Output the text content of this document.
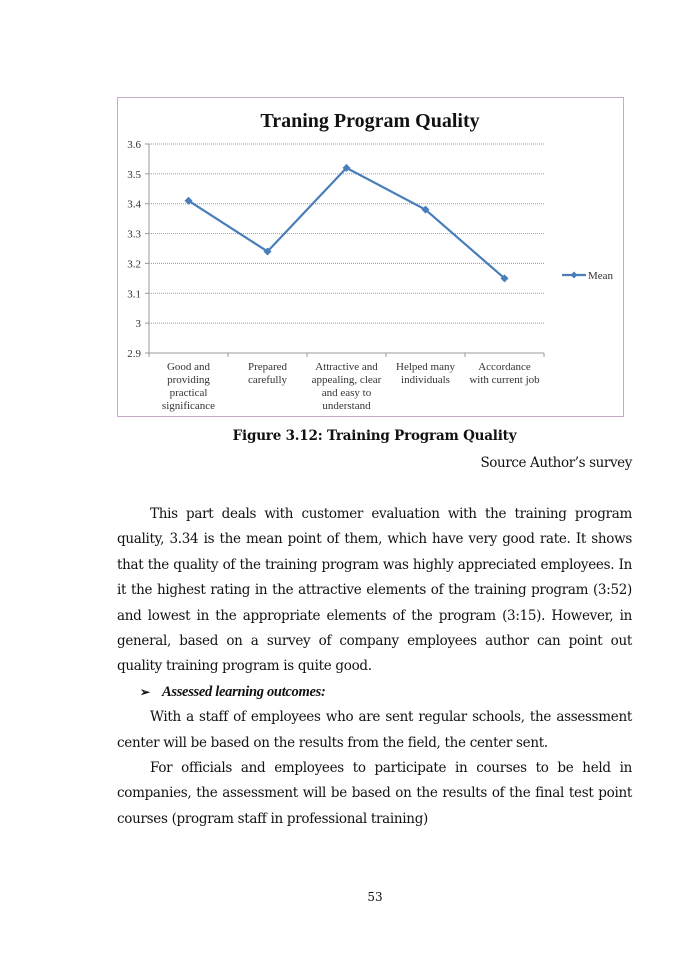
Traning Program Quality
2.9
3
3.1
3.2
3.3
3.4
3.5
3.6
Good and
providing
practical
significance
Prepared
carefully
Attractive and
appealing, clear
and easy to
understand
Helped many
individuals
Accordance
with current job
Mean
Figure 3.12: Training Program Quality
Source Author’s survey

This part deals with customer evaluation with the training program quality, 3.34 is the mean point of them, which have very good rate. It shows that the quality of the training program was highly appreciated employees. In it the highest rating in the attractive elements of the training program (3:52) and lowest in the appropriate elements of the program (3:15). However, in general, based on a survey of company employees author can point out quality training program is quite good.

➢ Assessed learning outcomes:

With a staff of employees who are sent regular schools, the assessment center will be based on the results from the field, the center sent.

For officials and employees to participate in courses to be held in companies, the assessment will be based on the results of the final test point courses (program staff in professional training)

53
